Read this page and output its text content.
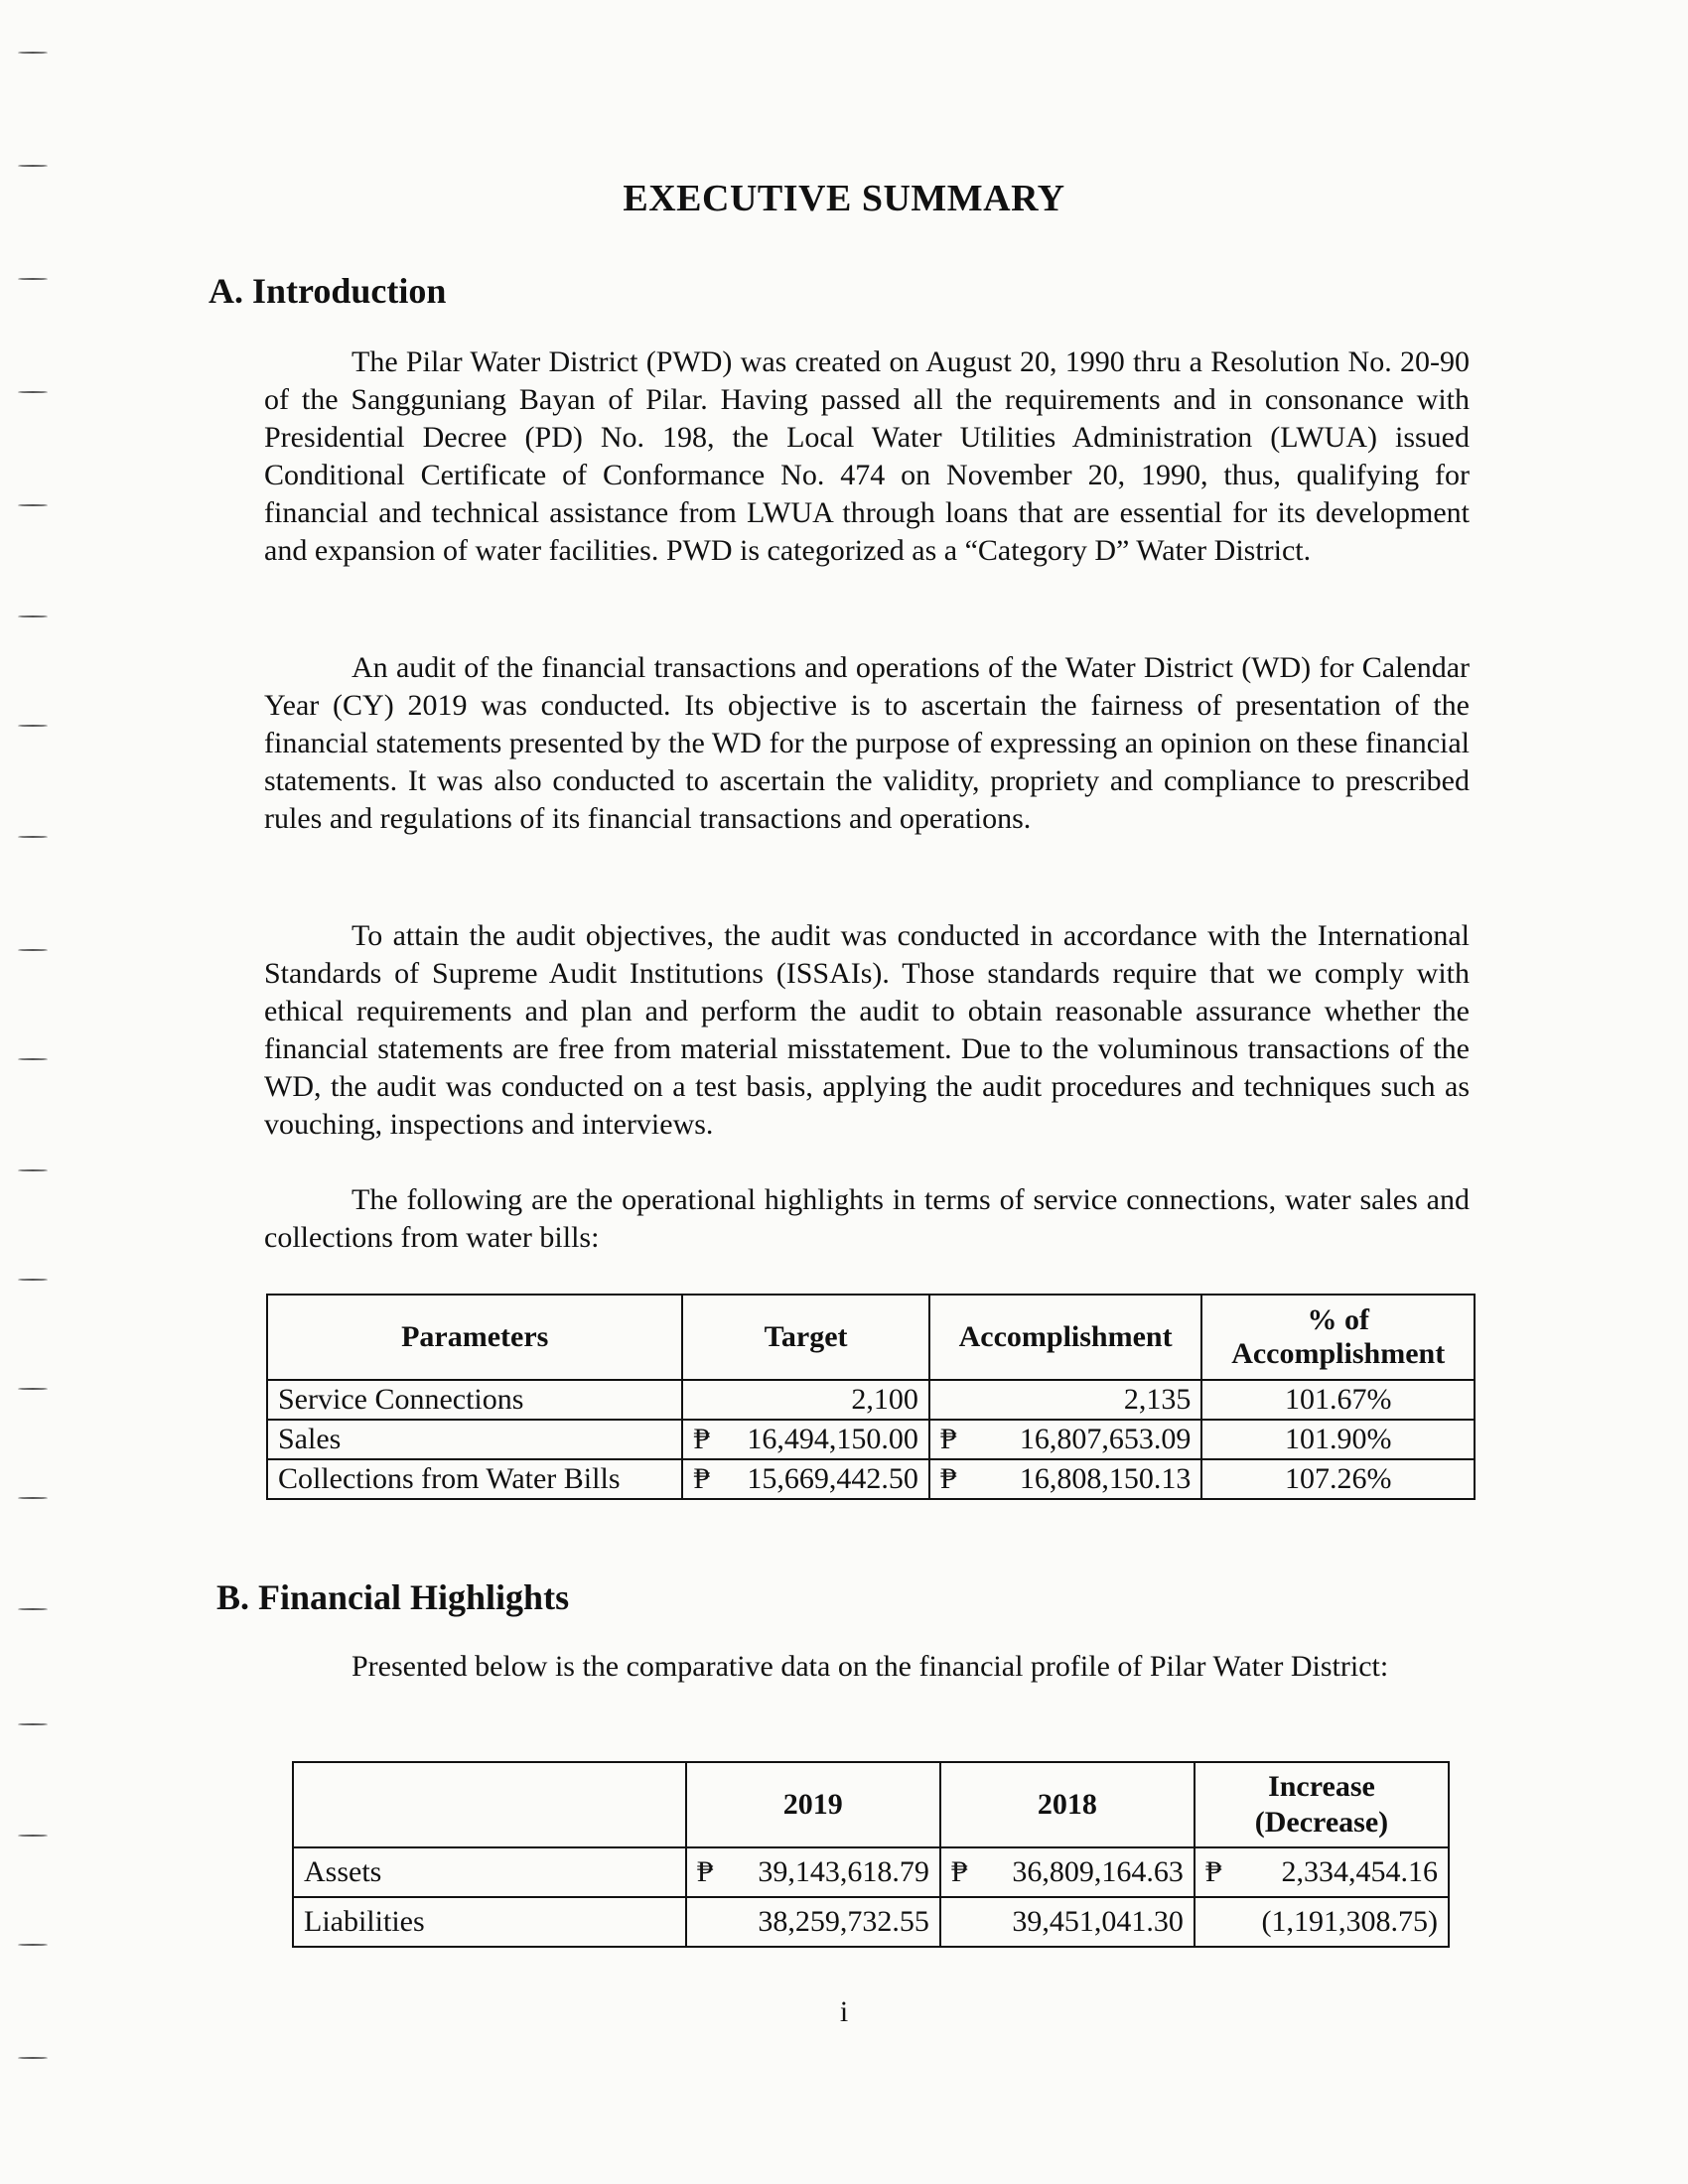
EXECUTIVE SUMMARY
A. Introduction

The Pilar Water District (PWD) was created on August 20, 1990 thru a Resolution No. 20-90 of the Sangguniang Bayan of Pilar. Having passed all the requirements and in consonance with Presidential Decree (PD) No. 198, the Local Water Utilities Administration (LWUA) issued Conditional Certificate of Conformance No. 474 on November 20, 1990, thus, qualifying for financial and technical assistance from LWUA through loans that are essential for its development and expansion of water facilities. PWD is categorized as a “Category D” Water District.

An audit of the financial transactions and operations of the Water District (WD) for Calendar Year (CY) 2019 was conducted. Its objective is to ascertain the fairness of presentation of the financial statements presented by the WD for the purpose of expressing an opinion on these financial statements. It was also conducted to ascertain the validity, propriety and compliance to prescribed rules and regulations of its financial transactions and operations.

To attain the audit objectives, the audit was conducted in accordance with the International Standards of Supreme Audit Institutions (ISSAIs). Those standards require that we comply with ethical requirements and plan and perform the audit to obtain reasonable assurance whether the financial statements are free from material misstatement. Due to the voluminous transactions of the WD, the audit was conducted on a test basis, applying the audit procedures and techniques such as vouching, inspections and interviews.

The following are the operational highlights in terms of service connections, water sales and collections from water bills:

Parameters	Target	Accomplishment	% of Accomplishment
Service Connections	2,100	2,135	101.67%
Sales	₱ 16,494,150.00	₱ 16,807,653.09	101.90%
Collections from Water Bills	₱ 15,669,442.50	₱ 16,808,150.13	107.26%
B. Financial Highlights

Presented below is the comparative data on the financial profile of Pilar Water District:

	2019	2018	Increase (Decrease)
Assets	₱ 39,143,618.79	₱ 36,809,164.63	₱ 2,334,454.16
Liabilities	38,259,732.55	39,451,041.30	(1,191,308.75)
i
